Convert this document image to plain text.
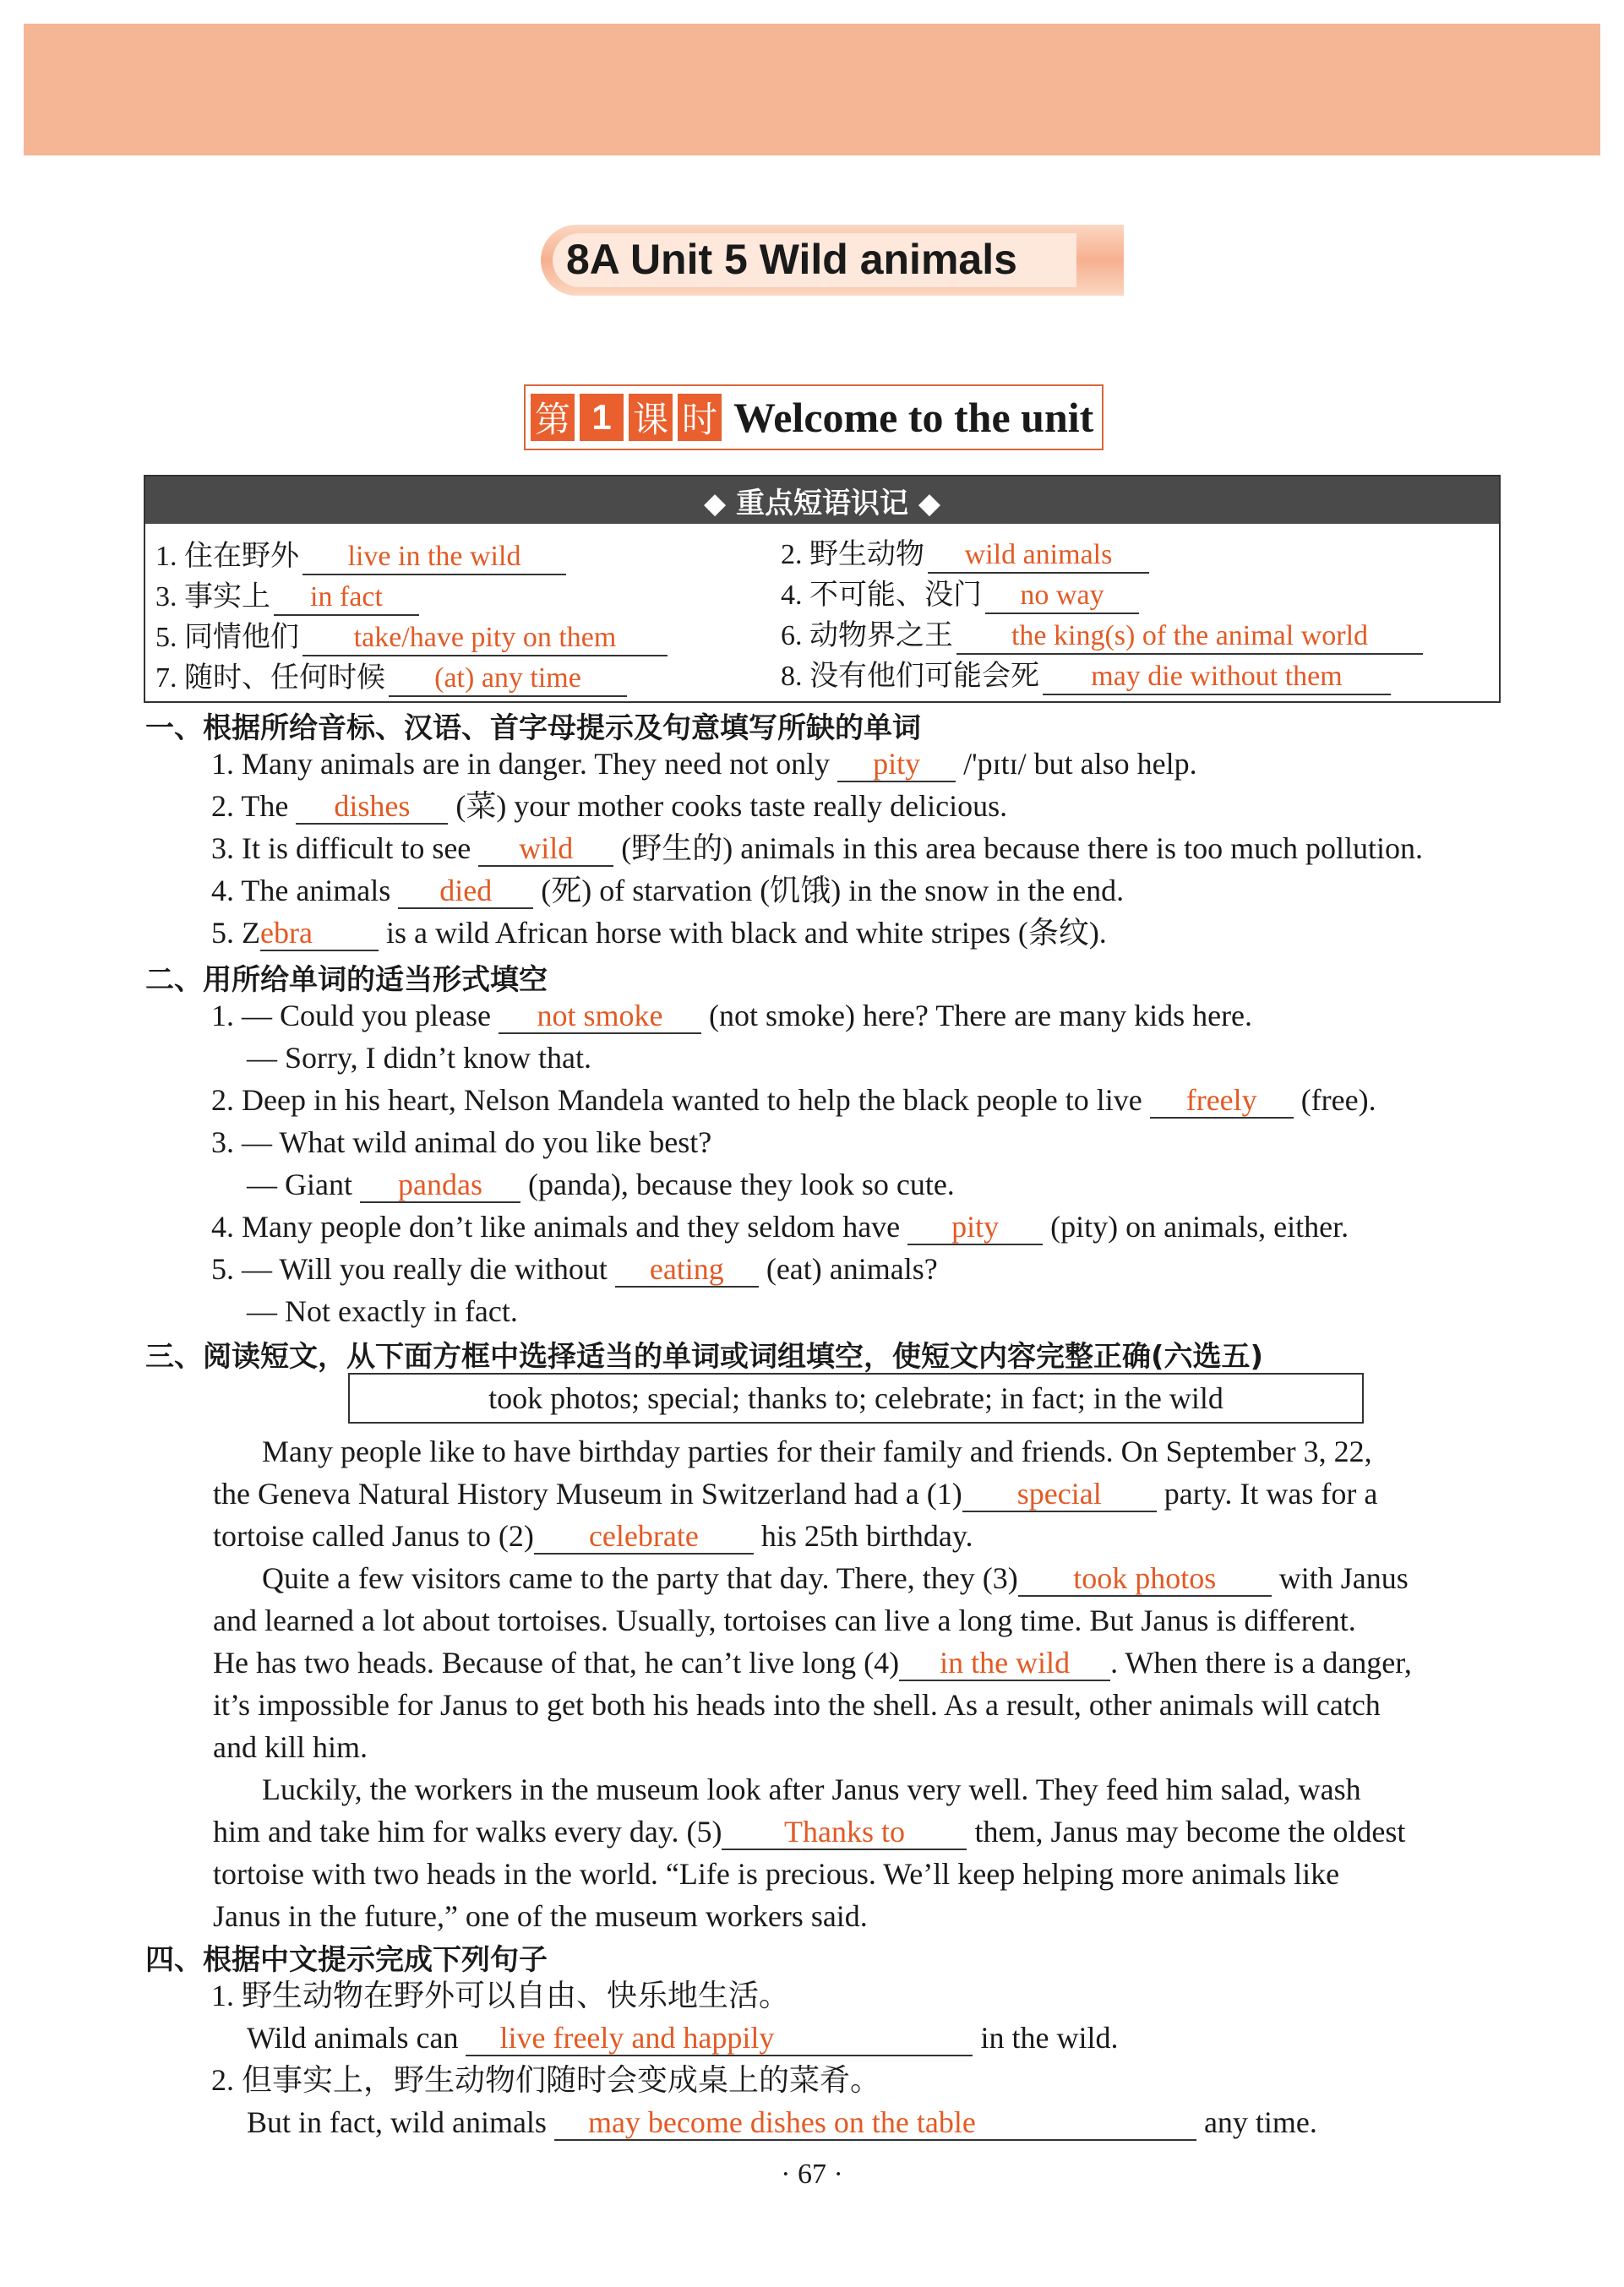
8A Unit 5 Wild animals
第 1 课 时 Welcome to the unit
◆ 重点短语识记 ◆
1. 住在野外	live in the wild	2. 野生动物	wild animals
3. 事实上	in fact	4. 不可能、没门	no way
5. 同情他们	take/have pity on them	6. 动物界之王	the king(s) of the animal world
7. 随时、任何时候	(at) any time	8. 没有他们可能会死	may die without them
一、根据所给音标、汉语、首字母提示及句意填写所缺的单词
1. Many animals are in danger. They need not only pity /'pɪtɪ/ but also help.
2. The dishes (菜) your mother cooks taste really delicious.
3. It is difficult to see wild (野生的) animals in this area because there is too much pollution.
4. The animals died (死) of starvation (饥饿) in the snow in the end.
5. Zebra is a wild African horse with black and white stripes (条纹).
二、用所给单词的适当形式填空
1. — Could you please not smoke (not smoke) here? There are many kids here.
— Sorry, I didn’t know that.
2. Deep in his heart, Nelson Mandela wanted to help the black people to live freely (free).
3. — What wild animal do you like best?
— Giant pandas (panda), because they look so cute.
4. Many people don’t like animals and they seldom have pity (pity) on animals, either.
5. — Will you really die without eating (eat) animals?
— Not exactly in fact.
三、阅读短文，从下面方框中选择适当的单词或词组填空，使短文内容完整正确(六选五)
took photos; special; thanks to; celebrate; in fact; in the wild
Many people like to have birthday parties for their family and friends. On September 3, 22,
the Geneva Natural History Museum in Switzerland had a (1) special party. It was for a
tortoise called Janus to (2) celebrate his 25th birthday.
Quite a few visitors came to the party that day. There, they (3) took photos with Janus
and learned a lot about tortoises. Usually, tortoises can live a long time. But Janus is different.
He has two heads. Because of that, he can’t live long (4) in the wild . When there is a danger,
it’s impossible for Janus to get both his heads into the shell. As a result, other animals will catch
and kill him.
Luckily, the workers in the museum look after Janus very well. They feed him salad, wash
him and take him for walks every day. (5) Thanks to them, Janus may become the oldest
tortoise with two heads in the world. “Life is precious. We’ll keep helping more animals like
Janus in the future,” one of the museum workers said.
四、根据中文提示完成下列句子
1. 野生动物在野外可以自由、快乐地生活。
Wild animals can live freely and happily	in the wild.
2. 但事实上，野生动物们随时会变成桌上的菜肴。
But in fact, wild animals may become dishes on the table	any time.
· 67 ·
